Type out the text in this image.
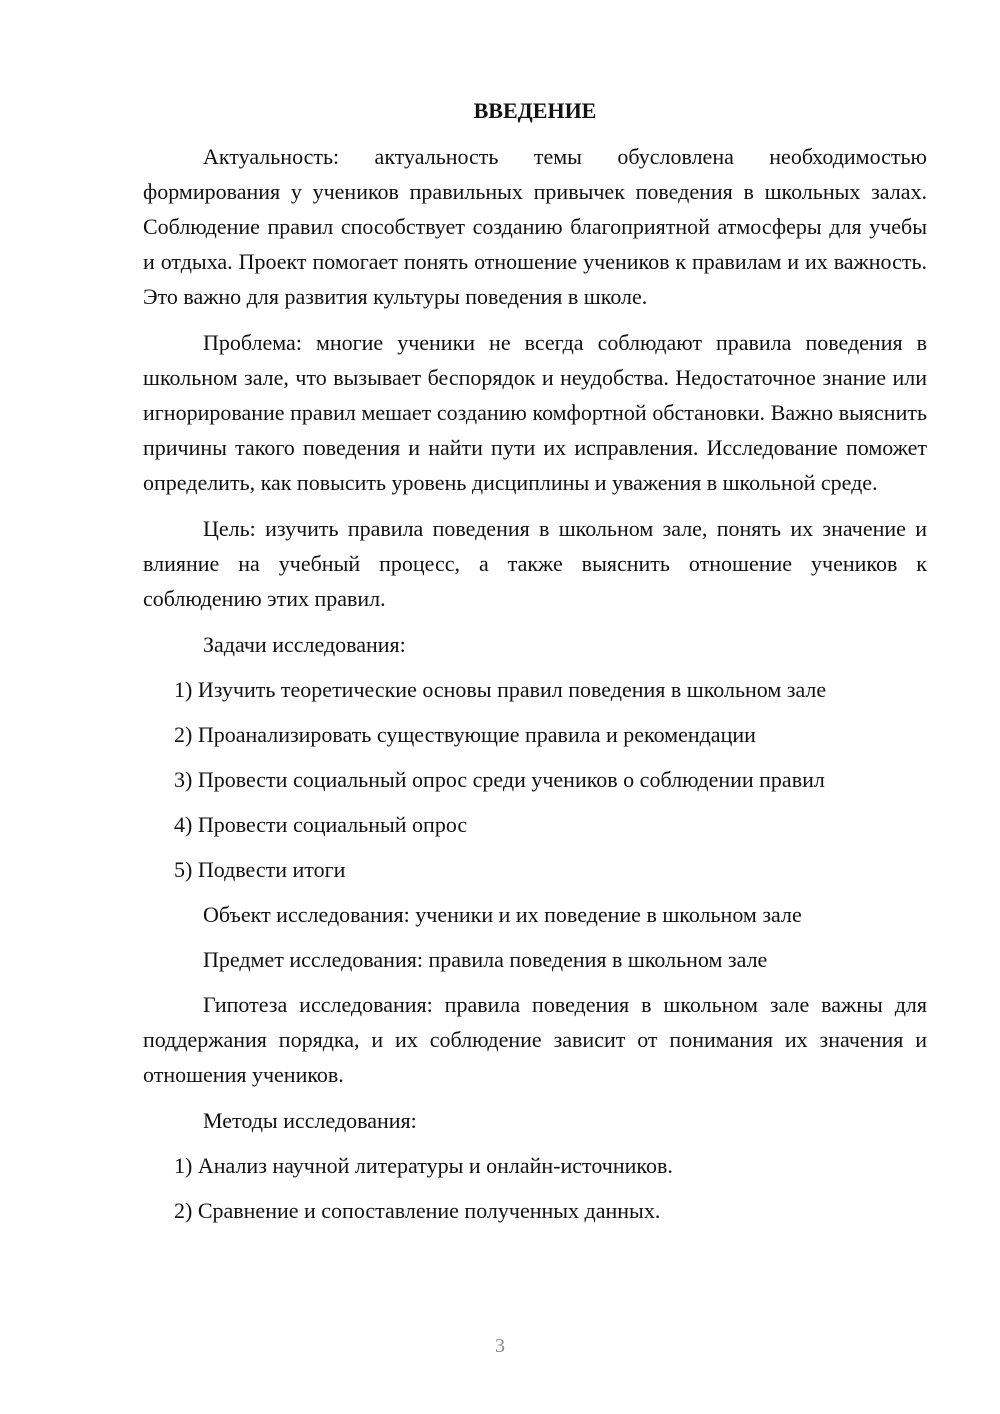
ВВЕДЕНИЕ

Актуальность: актуальность темы обусловлена необходимостью формирования у учеников правильных привычек поведения в школьных залах. Соблюдение правил способствует созданию благоприятной атмосферы для учебы и отдыха. Проект помогает понять отношение учеников к правилам и их важность. Это важно для развития культуры поведения в школе.

Проблема: многие ученики не всегда соблюдают правила поведения в школьном зале, что вызывает беспорядок и неудобства. Недостаточное знание или игнорирование правил мешает созданию комфортной обстановки. Важно выяснить причины такого поведения и найти пути их исправления. Исследование поможет определить, как повысить уровень дисциплины и уважения в школьной среде.

Цель: изучить правила поведения в школьном зале, понять их значение и влияние на учебный процесс, а также выяснить отношение учеников к соблюдению этих правил.

Задачи исследования:

1) Изучить теоретические основы правил поведения в школьном зале

2) Проанализировать существующие правила и рекомендации

3) Провести социальный опрос среди учеников о соблюдении правил

4) Провести социальный опрос

5) Подвести итоги

Объект исследования: ученики и их поведение в школьном зале

Предмет исследования: правила поведения в школьном зале

Гипотеза исследования: правила поведения в школьном зале важны для поддержания порядка, и их соблюдение зависит от понимания их значения и отношения учеников.

Методы исследования:

1) Анализ научной литературы и онлайн-источников.

2) Сравнение и сопоставление полученных данных.

3
